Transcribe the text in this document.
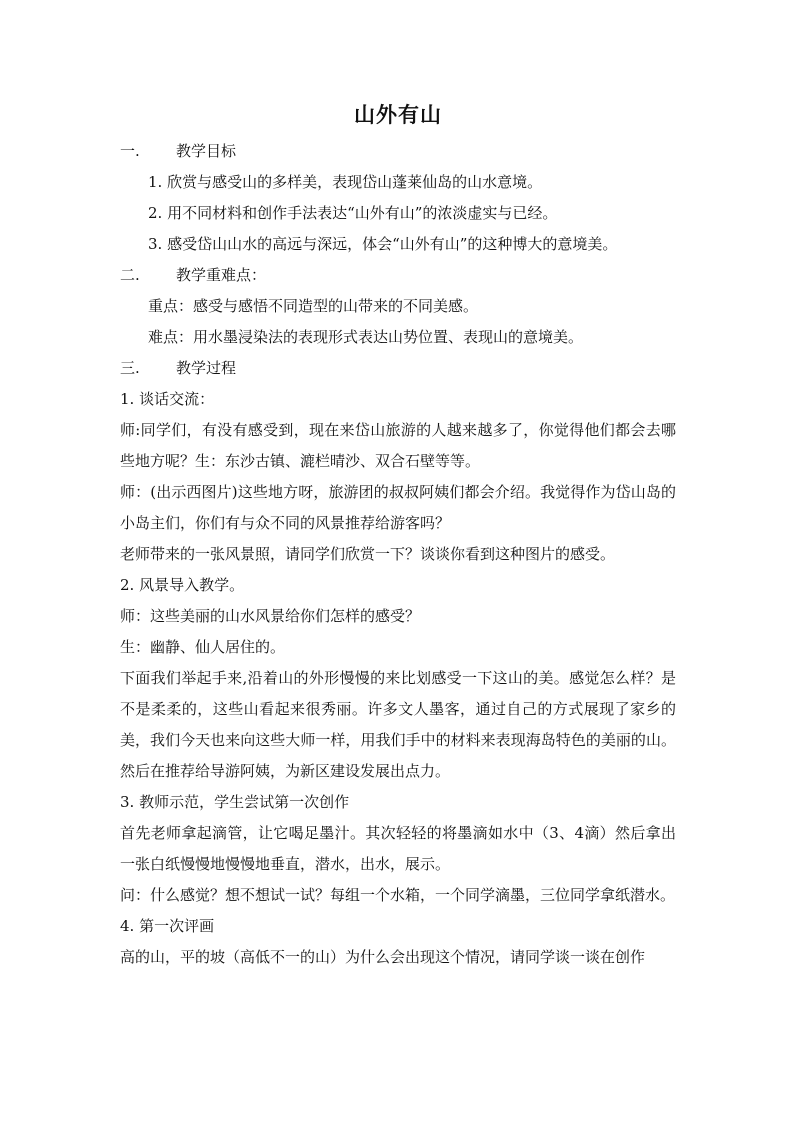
山外有山
一. 教学目标
1. 欣赏与感受山的多样美，表现岱山蓬莱仙岛的山水意境。
2. 用不同材料和创作手法表达“山外有山”的浓淡虚实与已经。
3. 感受岱山山水的高远与深远，体会“山外有山”的这种博大的意境美。
二. 教学重难点：
重点：感受与感悟不同造型的山带来的不同美感。
难点：用水墨浸染法的表现形式表达山势位置、表现山的意境美。
三. 教学过程
1. 谈话交流：

师:同学们，有没有感受到，现在来岱山旅游的人越来越多了，你觉得他们都会去哪些地方呢？生：东沙古镇、漉栏晴沙、双合石壁等等。

师：(出示西图片)这些地方呀，旅游团的叔叔阿姨们都会介绍。我觉得作为岱山岛的小岛主们，你们有与众不同的风景推荐给游客吗？

老师带来的一张风景照，请同学们欣赏一下？谈谈你看到这种图片的感受。

2. 风景导入教学。

师：这些美丽的山水风景给你们怎样的感受？

生：幽静、仙人居住的。

下面我们举起手来,沿着山的外形慢慢的来比划感受一下这山的美。感觉怎么样？是不是柔柔的，这些山看起来很秀丽。许多文人墨客，通过自己的方式展现了家乡的美，我们今天也来向这些大师一样，用我们手中的材料来表现海岛特色的美丽的山。然后在推荐给导游阿姨，为新区建设发展出点力。

3. 教师示范，学生尝试第一次创作

首先老师拿起滴管，让它喝足墨汁。其次轻轻的将墨滴如水中（3、4滴）然后拿出一张白纸慢慢地慢慢地垂直，潜水，出水，展示。

问：什么感觉？想不想试一试？每组一个水箱，一个同学滴墨，三位同学拿纸潜水。

4. 第一次评画

高的山，平的坡（高低不一的山）为什么会出现这个情况，请同学谈一谈在创作
